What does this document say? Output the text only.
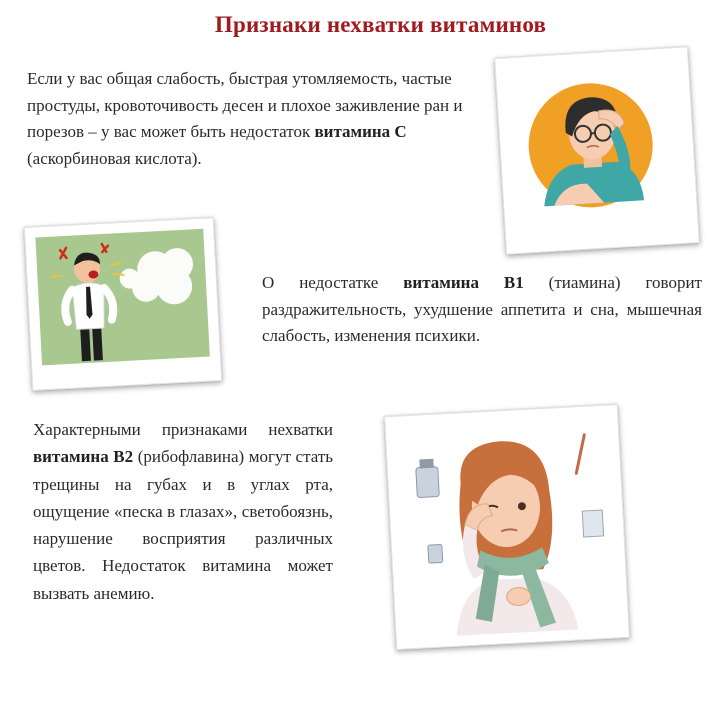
Признаки нехватки витаминов
Если у вас общая слабость, быстрая утомляемость, частые простуды, кровоточивость десен и плохое заживление ран и порезов – у вас может быть недостаток витамина С (аскорбиновая кислота).
О недостатке витамина В1 (тиамина) говорит раздражительность, ухудшение аппетита и сна, мышечная слабость, изменения психики.
Характерными признаками нехватки витамина В2 (рибофлавина) могут стать трещины на губах и в углах рта, ощущение «песка в глазах», светобоязнь, нарушение восприятия различных цветов. Недостаток витамина может вызвать анемию.
